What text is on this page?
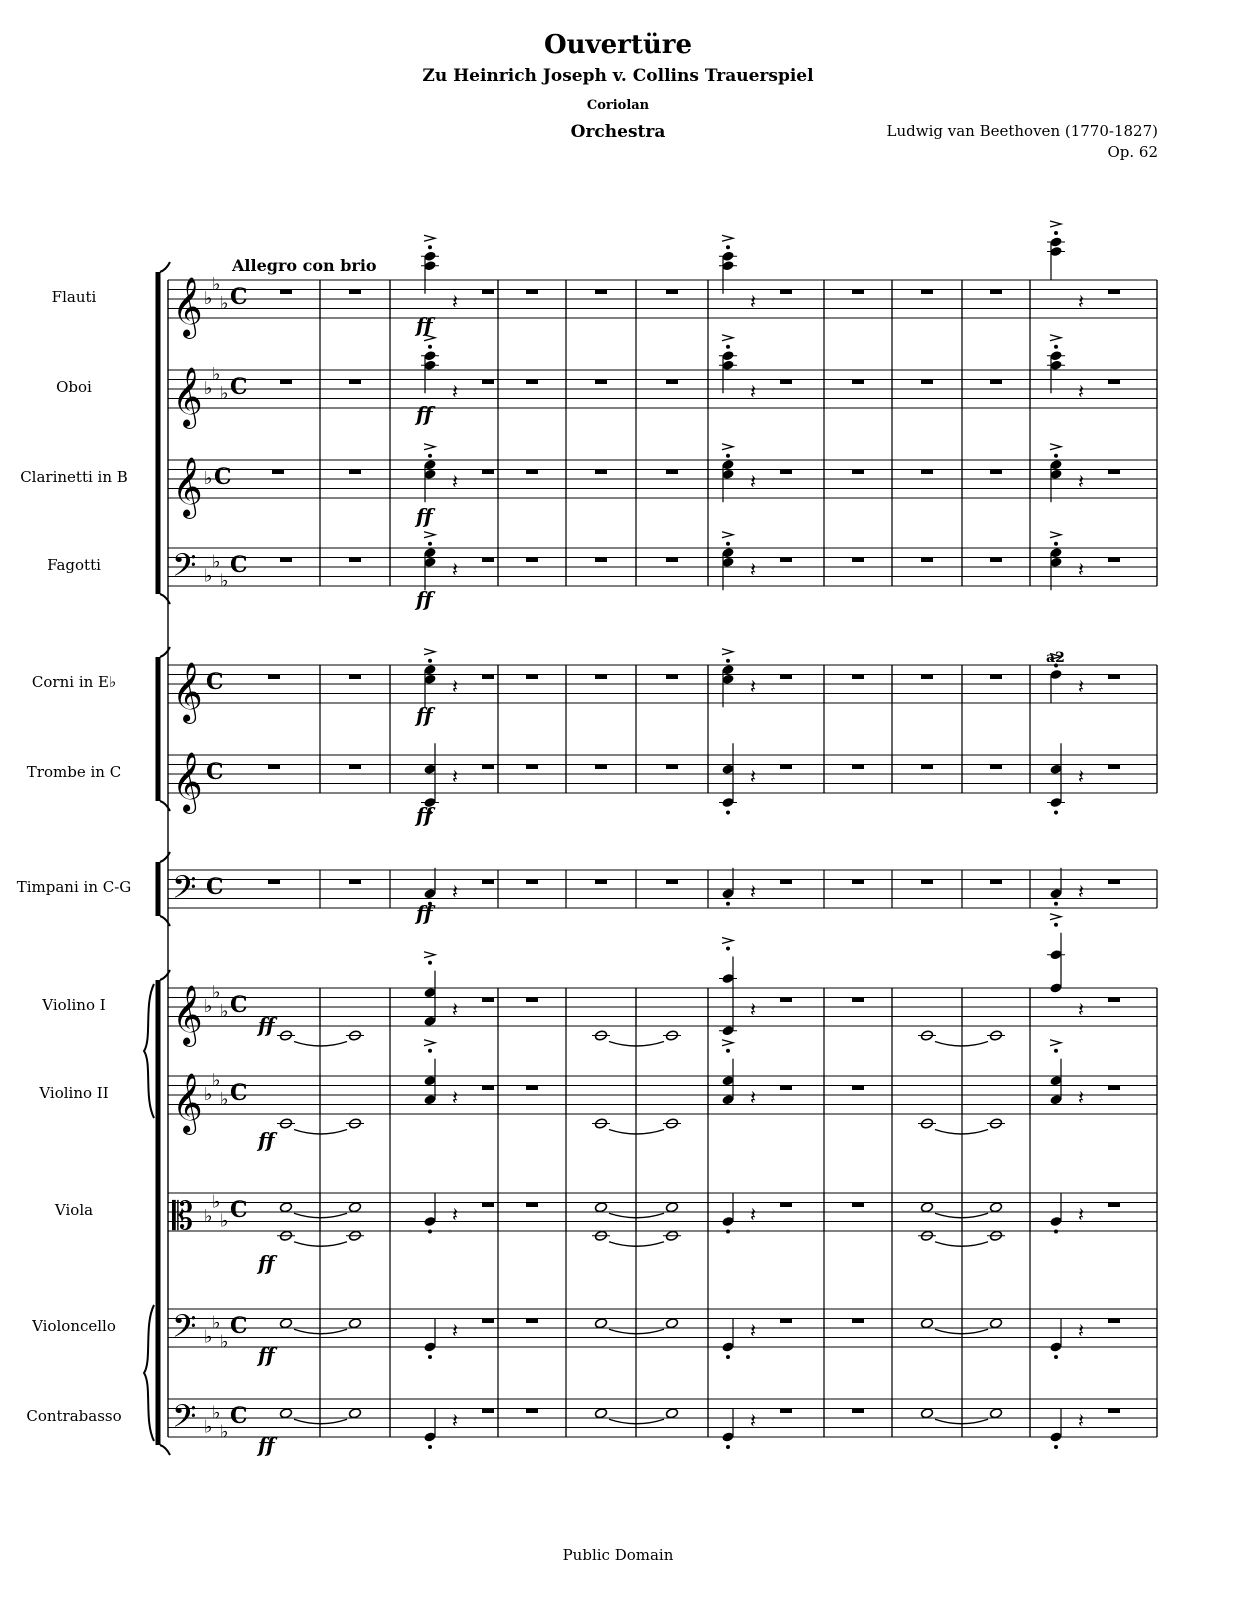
Ouvertüre
Zu Heinrich Joseph v. Collins Trauerspiel
Coriolan
Orchestra	Ludwig van Beethoven (1770-1827)
Op. 62
Flauti
Oboi
Clarinetti in B
Fagotti
Corni in E♭
Trombe in C
Timpani in C-G
Violino I
Violino II
Viola
Violoncello
Contrabasso
𝄞 ♭
♭
♭ C
𝄞 ♭
♭
♭ C
𝄞 ♭ C
𝄢 ♭
♭
♭
C
𝄞 C
𝄞 C
𝄢 C
𝄞 ♭
♭
♭ C
𝄞 ♭
♭
♭ C
𝄡 ♭
♭
♭ C
𝄢 ♭
♭
♭
C
𝄢 ♭
♭
♭
C
𝄽	𝄽	𝄽
𝄽	𝄽	𝄽
𝄽	𝄽	𝄽
𝄽	𝄽	𝄽
𝄽	𝄽	𝄽
𝄽	𝄽	𝄽
𝄽	𝄽	𝄽
𝄽	𝄽	𝄽
𝄽	𝄽	𝄽
𝄽	𝄽	𝄽
𝄽	𝄽	𝄽
𝄽	𝄽	𝄽
Allegro con brio
ff
ff
ff
ff
ff
ff
ff
ff
ff
ff
ff
ff
a2
Public Domain
